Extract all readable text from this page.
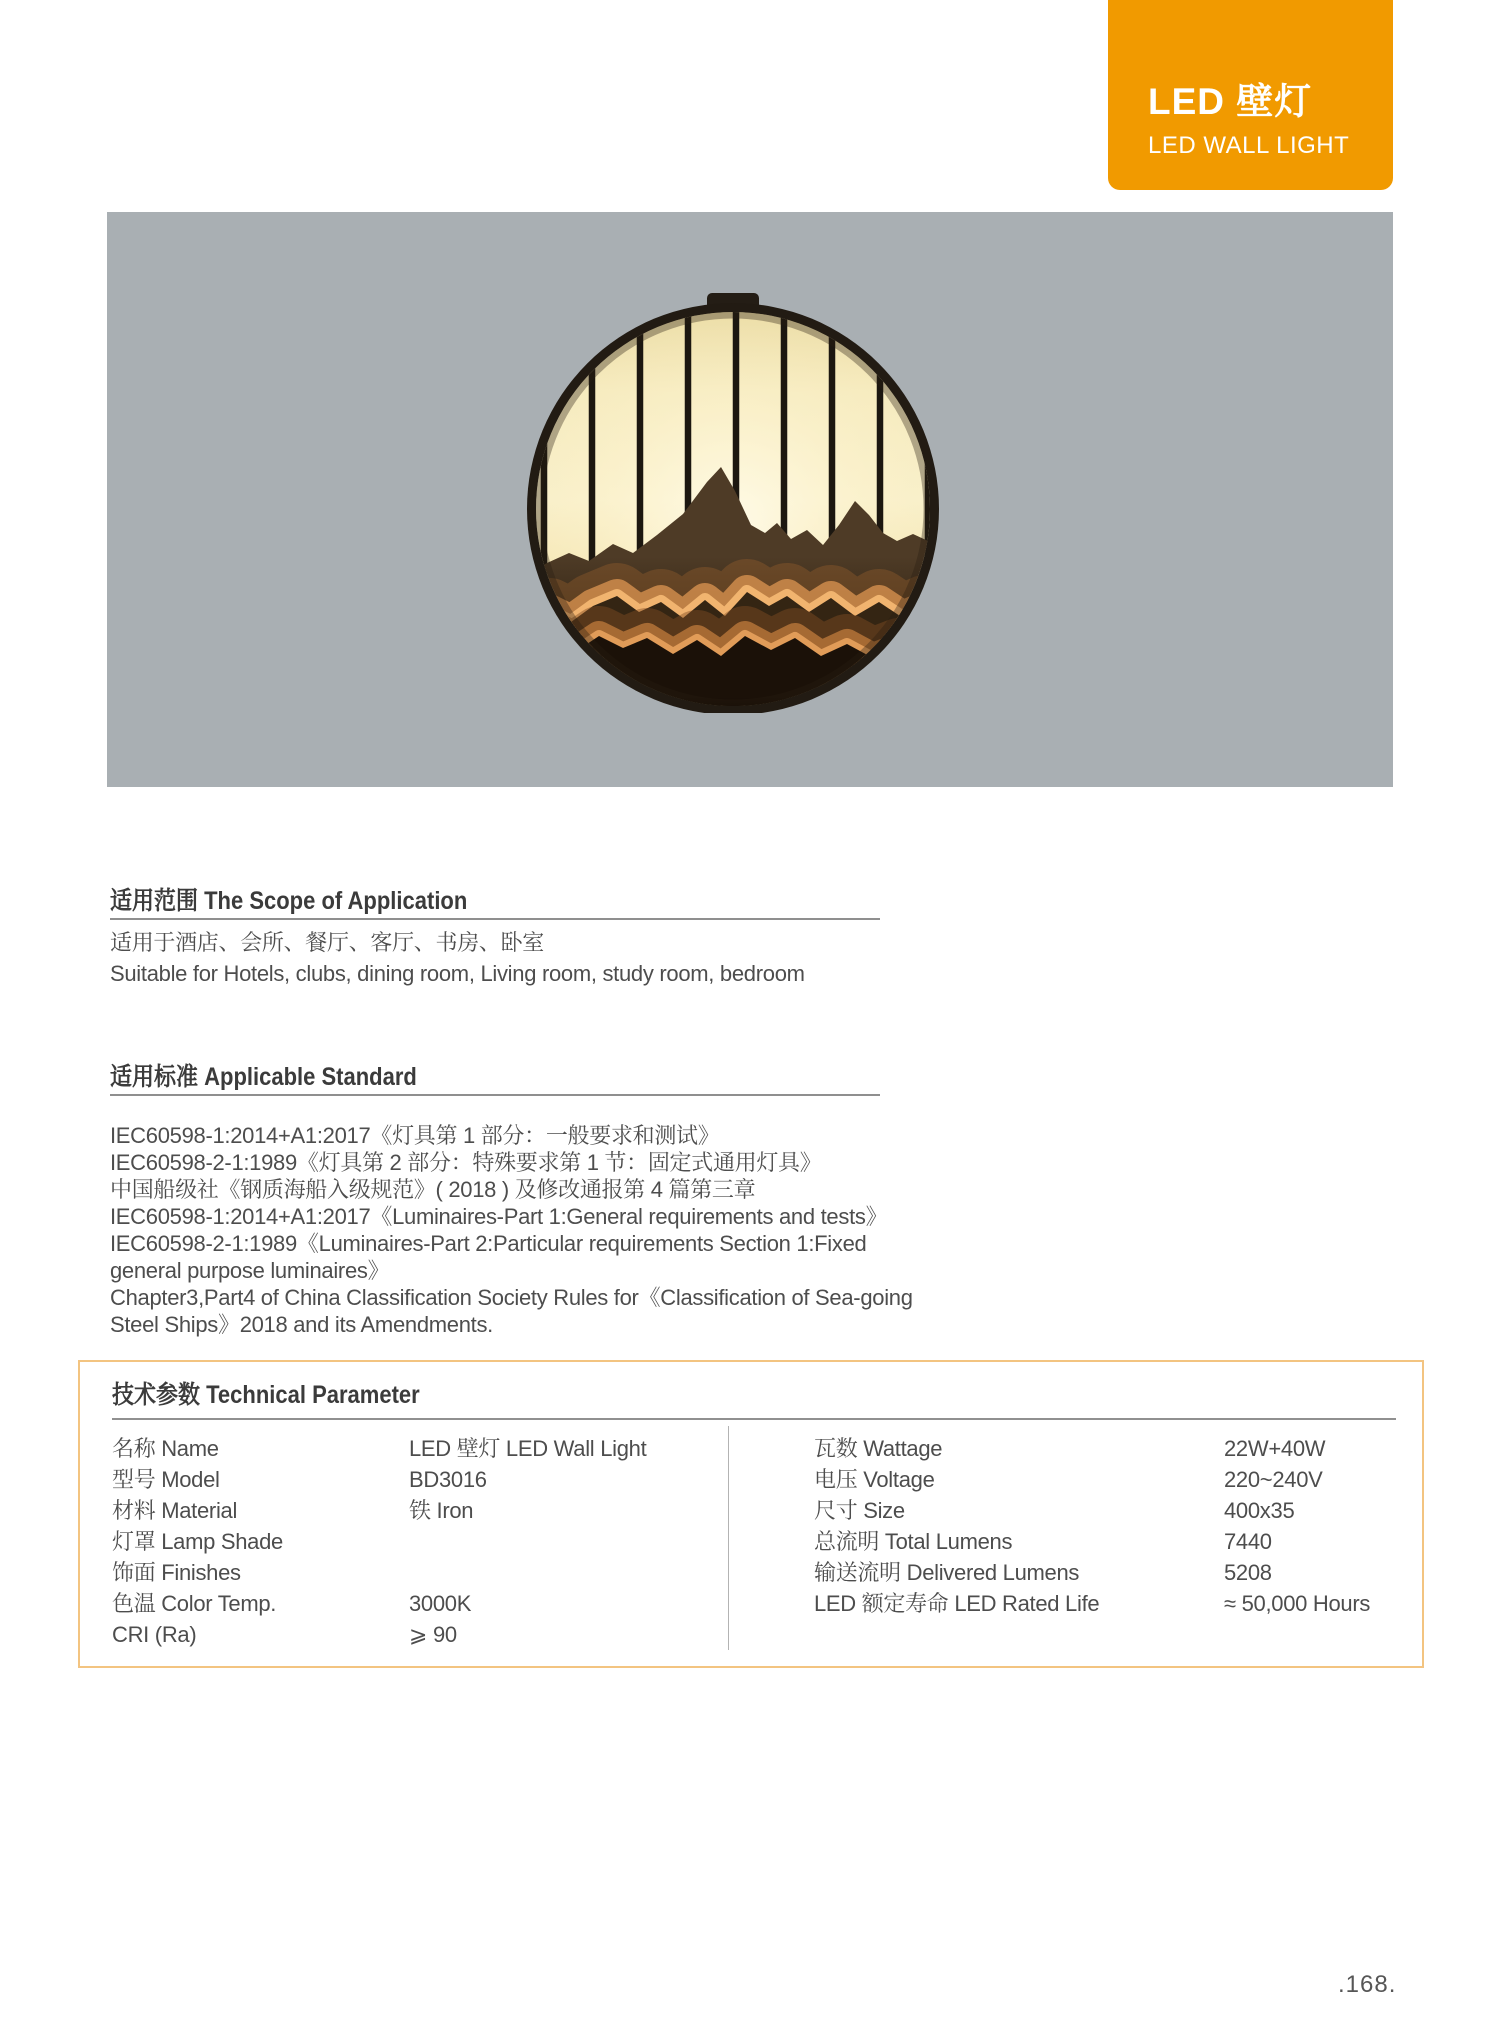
LED 壁灯
LED WALL LIGHT
适用范围 The Scope of Application
适用于酒店、会所、餐厅、客厅、书房、卧室
Suitable for Hotels, clubs, dining room, Living room, study room, bedroom
适用标准 Applicable Standard
IEC60598-1:2014+A1:2017《灯具第 1 部分：一般要求和测试》
IEC60598-2-1:1989《灯具第 2 部分：特殊要求第 1 节：固定式通用灯具》
中国船级社《钢质海船入级规范》( 2018 ) 及修改通报第 4 篇第三章
IEC60598-1:2014+A1:2017《Luminaires-Part 1:General requirements and tests》
IEC60598-2-1:1989《Luminaires-Part 2:Particular requirements Section 1:Fixed
general purpose luminaires》
Chapter3,Part4 of China Classification Society Rules for《Classification of Sea-going
Steel Ships》2018 and its Amendments.
技术参数 Technical Parameter
名称 Name	LED 壁灯 LED Wall Light
型号 Model	BD3016
材料 Material	铁 Iron
灯罩 Lamp Shade
饰面 Finishes
色温 Color Temp.	3000K
CRI (Ra)	⩾ 90
瓦数 Wattage	22W+40W
电压 Voltage	220~240V
尺寸 Size	400x35
总流明 Total Lumens	7440
输送流明 Delivered Lumens	5208
LED 额定寿命 LED Rated Life	≈ 50,000 Hours
.168.
